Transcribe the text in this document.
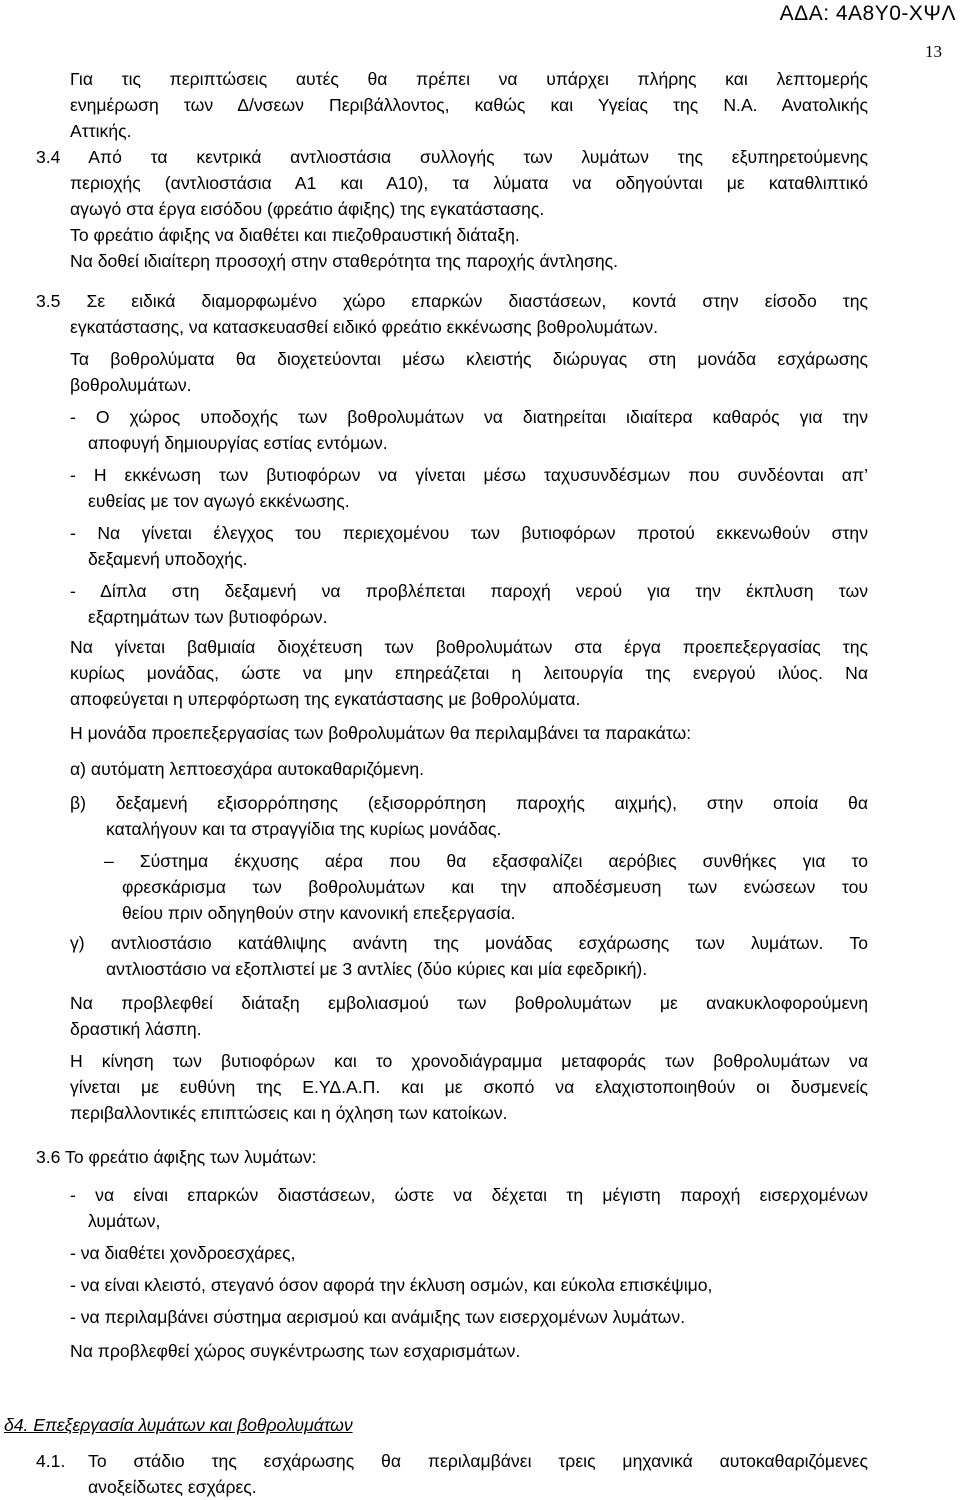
ΑΔΑ: 4Α8Υ0-ΧΨΛ
13

Για τις περιπτώσεις αυτές θα πρέπει να υπάρχει πλήρης και λεπτομερής

ενημέρωση των Δ/νσεων Περιβάλλοντος, καθώς και Υγείας της Ν.Α. Ανατολικής

Αττικής.

3.4 Από τα κεντρικά αντλιοστάσια συλλογής των λυμάτων της εξυπηρετούμενης

περιοχής (αντλιοστάσια Α1 και Α10), τα λύματα να οδηγούνται με καταθλιπτικό

αγωγό στα έργα εισόδου (φρεάτιο άφιξης) της εγκατάστασης.

Το φρεάτιο άφιξης να διαθέτει και πιεζοθραυστική διάταξη.

Να δοθεί ιδιαίτερη προσοχή στην σταθερότητα της παροχής άντλησης.

3.5 Σε ειδικά διαμορφωμένο χώρο επαρκών διαστάσεων, κοντά στην είσοδο της

εγκατάστασης, να κατασκευασθεί ειδικό φρεάτιο εκκένωσης βοθρολυμάτων.

Τα βοθρολύματα θα διοχετεύονται μέσω κλειστής διώρυγας στη μονάδα εσχάρωσης

βοθρολυμάτων.

- Ο χώρος υποδοχής των βοθρολυμάτων να διατηρείται ιδιαίτερα καθαρός για την

αποφυγή δημιουργίας εστίας εντόμων.

- Η εκκένωση των βυτιοφόρων να γίνεται μέσω ταχυσυνδέσμων που συνδέονται απ’

ευθείας με τον αγωγό εκκένωσης.

- Να γίνεται έλεγχος του περιεχομένου των βυτιοφόρων προτού εκκενωθούν στην

δεξαμενή υποδοχής.

- Δίπλα στη δεξαμενή να προβλέπεται παροχή νερού για την έκπλυση των

εξαρτημάτων των βυτιοφόρων.

Να γίνεται βαθμιαία διοχέτευση των βοθρολυμάτων στα έργα προεπεξεργασίας της

κυρίως μονάδας, ώστε να μην επηρεάζεται η λειτουργία της ενεργού ιλύος. Να

αποφεύγεται η υπερφόρτωση της εγκατάστασης με βοθρολύματα.

Η μονάδα προεπεξεργασίας των βοθρολυμάτων θα περιλαμβάνει τα παρακάτω:

α) αυτόματη λεπτοεσχάρα αυτοκαθαριζόμενη.

β) δεξαμενή εξισορρόπησης (εξισορρόπηση παροχής αιχμής), στην οποία θα

καταλήγουν και τα στραγγίδια της κυρίως μονάδας.

– Σύστημα έκχυσης αέρα που θα εξασφαλίζει αερόβιες συνθήκες για το

φρεσκάρισμα των βοθρολυμάτων και την αποδέσμευση των ενώσεων του

θείου πριν οδηγηθούν στην κανονική επεξεργασία.

γ) αντλιοστάσιο κατάθλιψης ανάντη της μονάδας εσχάρωσης των λυμάτων. Το

αντλιοστάσιο να εξοπλιστεί με 3 αντλίες (δύο κύριες και μία εφεδρική).

Να προβλεφθεί διάταξη εμβολιασμού των βοθρολυμάτων με ανακυκλοφορούμενη

δραστική λάσπη.

Η κίνηση των βυτιοφόρων και το χρονοδιάγραμμα μεταφοράς των βοθρολυμάτων να

γίνεται με ευθύνη της Ε.ΥΔ.Α.Π. και με σκοπό να ελαχιστοποιηθούν οι δυσμενείς

περιβαλλοντικές επιπτώσεις και η όχληση των κατοίκων.

3.6 Το φρεάτιο άφιξης των λυμάτων:

- να είναι επαρκών διαστάσεων, ώστε να δέχεται τη μέγιστη παροχή εισερχομένων

λυμάτων,

- να διαθέτει χονδροεσχάρες,

- να είναι κλειστό, στεγανό όσον αφορά την έκλυση οσμών, και εύκολα επισκέψιμο,

- να περιλαμβάνει σύστημα αερισμού και ανάμιξης των εισερχομένων λυμάτων.

Να προβλεφθεί χώρος συγκέντρωσης των εσχαρισμάτων.

δ4. Επεξεργασία λυμάτων και βοθρολυμάτων

4.1.	Το στάδιο της εσχάρωσης θα περιλαμβάνει τρεις μηχανικά αυτοκαθαριζόμενες

ανοξείδωτες εσχάρες.
